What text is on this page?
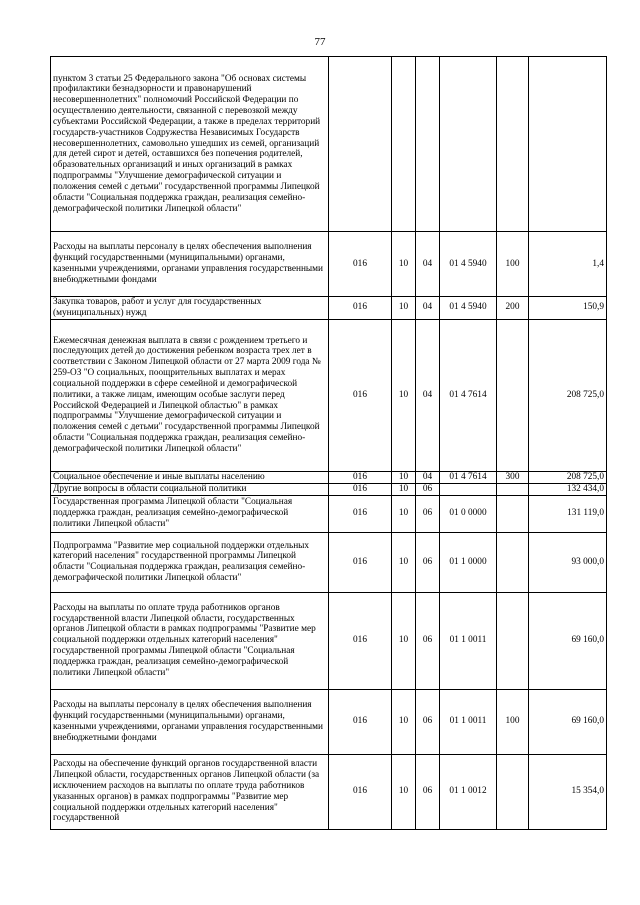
77
пунктом 3 статьи 25 Федерального закона "Об основах системы профилактики безнадзорности и правонарушений несовершеннолетних" полномочий Российской Федерации по осуществлению деятельности, связанной с перевозкой между субъектами Российской Федерации, а также в пределах территорий государств-участников Содружества Независимых Государств несовершеннолетних, самовольно ушедших из семей, организаций для детей сирот и детей, оставшихся без попечения родителей, образовательных организаций и иных организаций в рамках подпрограммы "Улучшение демографической ситуации и положения семей с детьми" государственной программы Липецкой области "Социальная поддержка граждан, реализация семейно-демографической политики Липецкой области"						
Расходы на выплаты персоналу в целях обеспечения выполнения функций государственными (муниципальными) органами, казенными учреждениями, органами управления государственными внебюджетными фондами	016	10	04	01 4 5940	100	1,4
Закупка товаров, работ и услуг для государственных (муниципальных) нужд	016	10	04	01 4 5940	200	150,9
Ежемесячная денежная выплата в связи с рождением третьего и последующих детей до достижения ребенком возраста трех лет в соответствии с Законом Липецкой области от 27 марта 2009 года № 259-ОЗ "О социальных, поощрительных выплатах и мерах социальной поддержки в сфере семейной и демографической политики, а также лицам, имеющим особые заслуги перед Российской Федерацией и Липецкой областью" в рамках подпрограммы "Улучшение демографической ситуации и положения семей с детьми" государственной программы Липецкой области "Социальная поддержка граждан, реализация семейно-демографической политики Липецкой области"	016	10	04	01 4 7614		208 725,0
Социальное обеспечение и иные выплаты населению	016	10	04	01 4 7614	300	208 725,0
Другие вопросы в области социальной политики	016	10	06			132 434,0
Государственная программа Липецкой области "Социальная поддержка граждан, реализация семейно-демографической политики Липецкой области"	016	10	06	01 0 0000		131 119,0
Подпрограмма "Развитие мер социальной поддержки отдельных категорий населения" государственной программы Липецкой области "Социальная поддержка граждан, реализация семейно-демографической политики Липецкой области"	016	10	06	01 1 0000		93 000,0
Расходы на выплаты по оплате труда работников органов государственной власти Липецкой области, государственных органов Липецкой области в рамках подпрограммы "Развитие мер социальной поддержки отдельных категорий населения" государственной программы Липецкой области "Социальная поддержка граждан, реализация семейно-демографической политики Липецкой области"	016	10	06	01 1 0011		69 160,0
Расходы на выплаты персоналу в целях обеспечения выполнения функций государственными (муниципальными) органами, казенными учреждениями, органами управления государственными внебюджетными фондами	016	10	06	01 1 0011	100	69 160,0
Расходы на обеспечение функций органов государственной власти Липецкой области, государственных органов Липецкой области (за исключением расходов на выплаты по оплате труда работников указанных органов) в рамках подпрограммы "Развитие мер социальной поддержки отдельных категорий населения" государственной	016	10	06	01 1 0012		15 354,0
